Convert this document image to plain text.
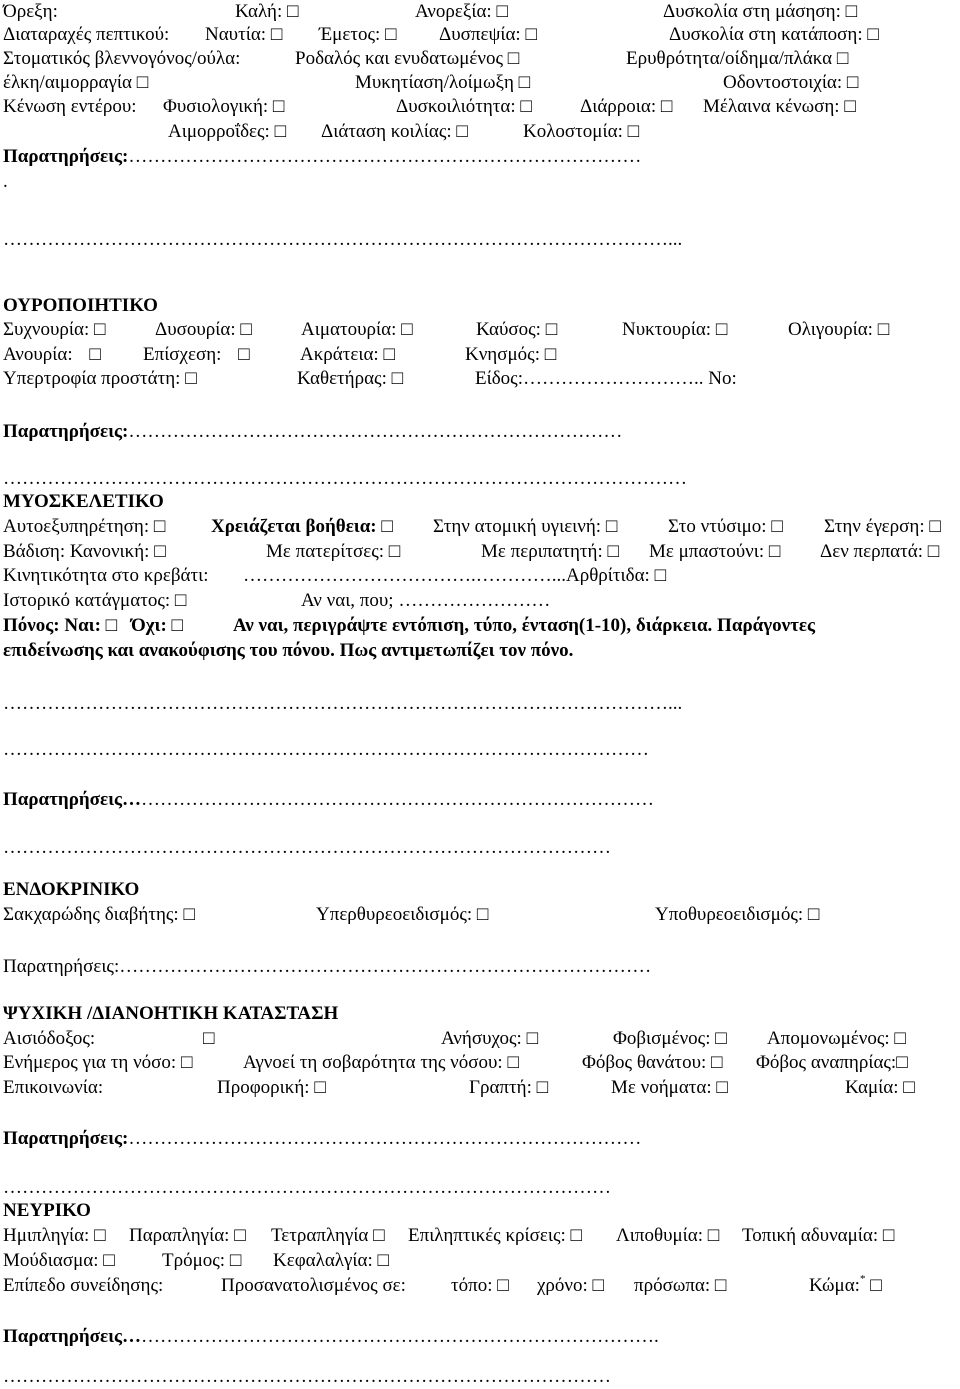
Όρεξη:	Καλή: □	Ανορεξία: □	Δυσκολία στη μάσηση: □
Διαταραχές πεπτικού: Ναυτία: □ Έμετος: □ Δυσπεψία: □	Δυσκολία στη κατάποση: □
Στοματικός βλεννογόνος/ούλα:	Ροδαλός και ενυδατωμένος □	Ερυθρότητα/οίδημα/πλάκα □
έλκη/αιμορραγία □	Μυκητίαση/λοίμωξη □	Οδοντοστοιχία: □
Κένωση εντέρου: Φυσιολογική: □	Δυσκοιλιότητα: □	Διάρροια: □ Μέλαινα κένωση: □
Αιμορροΐδες: □ Διάταση κοιλίας: □	Κολοστομία: □
Παρατηρήσεις:………………………………………………………………………
.
……………………………………………………………………………………………...
ΟΥΡΟΠΟΙΗΤΙΚΟ
Συχνουρία: □	Δυσουρία: □	Αιματουρία: □	Καύσος: □	Νυκτουρία: □	Ολιγουρία: □
Ανουρία: □ Επίσχεση: □	Ακράτεια: □	Κνησμός: □
Υπερτροφία προστάτη: □	Καθετήρας: □	Είδος:……………………….. Νο:
Παρατηρήσεις:……………………………………………………………………
………………………………………………………………………………………………
ΜΥΟΣΚΕΛΕΤΙΚΟ
Αυτοεξυπηρέτηση: □ Χρειάζεται βοήθεια: □ Στην ατομική υγιεινή: □	Στο ντύσιμο: □ Στην έγερση: □
Βάδιση: Κανονική: □	Με πατερίτσες: □	Με περιπατητή: □ Με μπαστούνι: □ Δεν περπατά: □
Κινητικότητα στο κρεβάτι: ……………………………….…………...Αρθρίτιδα: □
Ιστορικό κατάγματος: □	Αν ναι, που; ……………………
Πόνος: Ναι: □ Όχι: □	Αν ναι, περιγράψτε εντόπιση, τύπο, ένταση(1-10), διάρκεια. Παράγοντες
επιδείνωσης και ανακούφισης του πόνου. Πως αντιμετωπίζει τον πόνο.
……………………………………………………………………………………………...
…………………………………………………………………………………………
Παρατηρήσεις…………………………………………………………………………
……………………………………………………………………………………
ΕΝΔΟΚΡΙΝΙΚΟ
Σακχαρώδης διαβήτης: □	Υπερθυρεοειδισμός: □	Υποθυρεοειδισμός: □
Παρατηρήσεις:…………………………………………………………………………
ΨΥΧΙΚΗ /ΔΙΑΝΟΗΤΙΚΗ ΚΑΤΑΣΤΑΣΗ
Αισιόδοξος:	□	Ανήσυχος: □	Φοβισμένος: □ Απομονωμένος: □
Ενήμερος για τη νόσο: □	Αγνοεί τη σοβαρότητα της νόσου: □	Φόβος θανάτου: □ Φόβος αναπηρίας:□
Επικοινωνία:	Προφορική: □	Γραπτή: □	Με νοήματα: □	Καμία: □
Παρατηρήσεις:………………………………………………………………………
……………………………………………………………………………………
ΝΕΥΡΙΚΟ
Ημιπληγία: □ Παραπληγία: □ Τετραπληγία □ Επιληπτικές κρίσεις: □ Λιποθυμία: □ Τοπική αδυναμία: □
Μούδιασμα: □ Τρόμος: □ Κεφαλαλγία: □
Επίπεδο συνείδησης:	Προσανατολισμένος σε: τόπο: □ χρόνο: □ πρόσωπα: □	Κώμα:* □
Παρατηρήσεις………………………………………………………………………….
……………………………………………………………………………………
